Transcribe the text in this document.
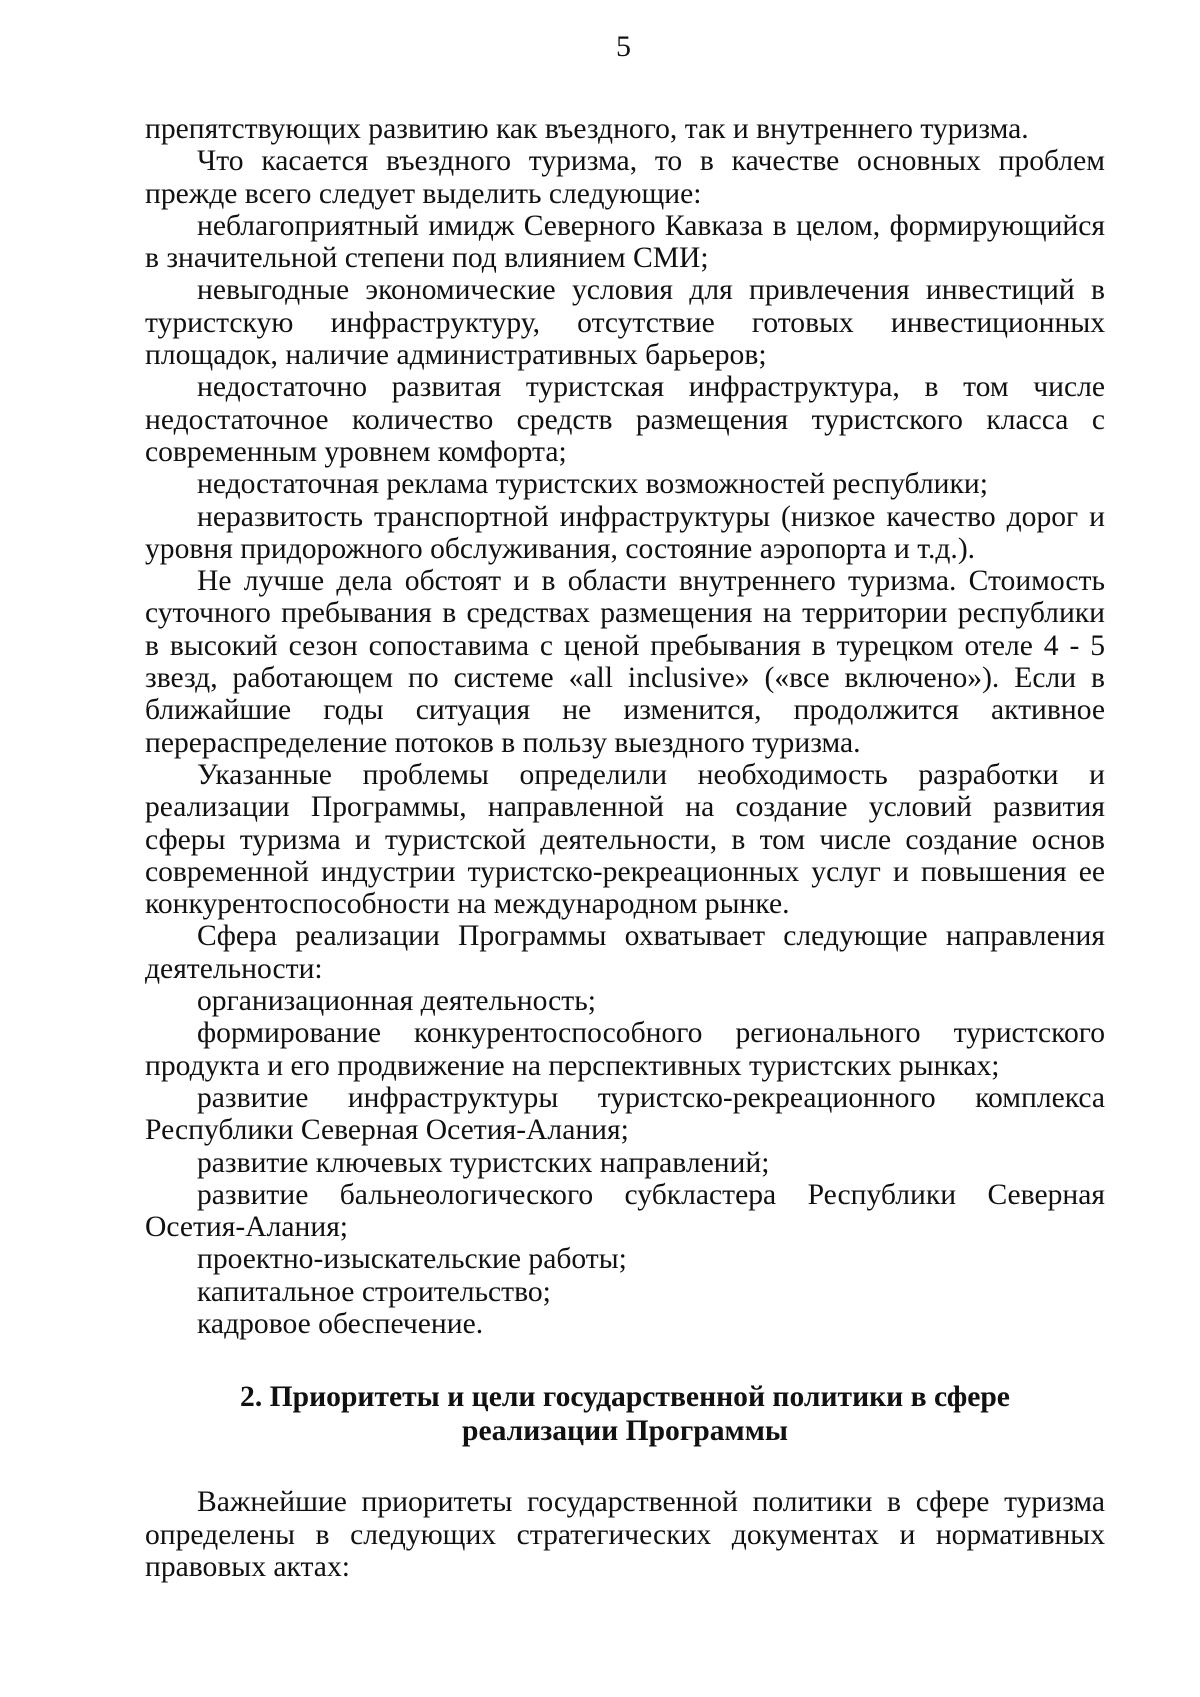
5

препятствующих развитию как въездного, так и внутреннего туризма.

Что касается въездного туризма, то в качестве основных проблем прежде всего следует выделить следующие:

неблагоприятный имидж Северного Кавказа в целом, формирующийся в значительной степени под влиянием СМИ;

невыгодные экономические условия для привлечения инвестиций в туристскую инфраструктуру, отсутствие готовых инвестиционных площадок, наличие административных барьеров;

недостаточно развитая туристская инфраструктура, в том числе недостаточное количество средств размещения туристского класса с современным уровнем комфорта;

недостаточная реклама туристских возможностей республики;

неразвитость транспортной инфраструктуры (низкое качество дорог и уровня придорожного обслуживания, состояние аэропорта и т.д.).

Не лучше дела обстоят и в области внутреннего туризма. Стоимость суточного пребывания в средствах размещения на территории республики в высокий сезон сопоставима с ценой пребывания в турецком отеле 4 - 5 звезд, работающем по системе «all inclusive» («все включено»). Если в ближайшие годы ситуация не изменится, продолжится активное перераспределение потоков в пользу выездного туризма.

Указанные проблемы определили необходимость разработки и реализации Программы, направленной на создание условий развития сферы туризма и туристской деятельности, в том числе создание основ современной индустрии туристско-рекреационных услуг и повышения ее конкурентоспособности на международном рынке.

Сфера реализации Программы охватывает следующие направления деятельности:

организационная деятельность;

формирование конкурентоспособного регионального туристского продукта и его продвижение на перспективных туристских рынках;

развитие инфраструктуры туристско-рекреационного комплекса Республики Северная Осетия-Алания;

развитие ключевых туристских направлений;

развитие бальнеологического субкластера Республики Северная Осетия-Алания;

проектно-изыскательские работы;

капитальное строительство;

кадровое обеспечение.

2. Приоритеты и цели государственной политики в сфере
реализации Программы

Важнейшие приоритеты государственной политики в сфере туризма определены в следующих стратегических документах и нормативных правовых актах:
